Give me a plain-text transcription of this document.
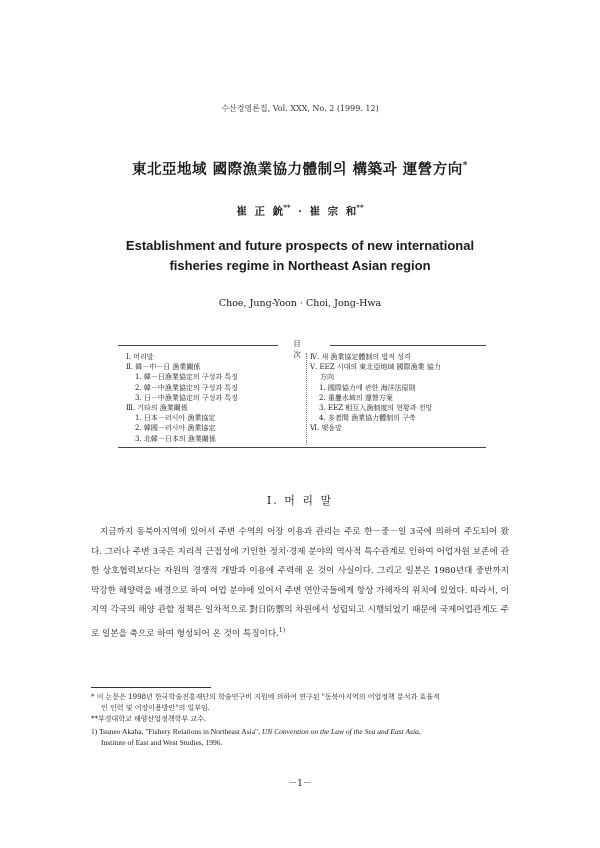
수산경영론집, Vol. XXX, No. 2 (1999. 12)
東北亞地域 國際漁業協力體制의 構築과 運營方向*
崔 正 鈗** · 崔 宗 和**
Establishment and future prospects of new international
fisheries regime in Northeast Asian region
Choe, Jung-Yoon · Choi, Jong-Hwa
目 次
Ⅰ. 머리말
Ⅱ. 韓－中－日 漁業關係
1. 韓－日漁業協定의 구성과 특징
2. 韓－中漁業協定의 구성과 특징
3. 日－中漁業協定의 구성과 특징
Ⅲ. 기타의 漁業關係
1. 日本－러시아 漁業協定
2. 韓國－러시아 漁業協定
3. 北韓－日本의 漁業關係
Ⅳ. 새 漁業協定體制의 법적 성격
Ⅴ. EEZ 시대의 東北亞地域 國際漁業 協力
方向
1. 國際協力에 관한 海洋法原則
2. 重疊水域의 運營方案
3. EEZ 相互入漁制度의 현황과 전망
4. 多者間 漁業協力體制의 구축
Ⅵ. 맺음말
Ⅰ. 머 리 말
지금까지 동북아지역에 있어서 주변 수역의 어장 이용과 관리는 주로 한－중－일 3국에 의하여 주도되어 왔다. 그러나 주변 3국은 지리적 근접성에 기인한 정치·경제 분야의 역사적 특수관계로 인하여 어업자원 보존에 관한 상호협력보다는 자원의 경쟁적 개발과 이용에 주력해 온 것이 사실이다. 그리고 일본은 1980년대 중반까지 막강한 해양력을 배경으로 하여 어업 분야에 있어서 주변 연안국들에게 항상 가해자의 위치에 있었다. 따라서, 이 지역 각국의 해양 관할 정책은 일차적으로 對日防禦의 차원에서 성립되고 시행되었기 때문에 국제어업관계도 주로 일본을 축으로 하여 형성되어 온 것이 특징이다.$^{1)}$
* 이 논문은 1998년 한국학술진흥재단의 학술연구비 지원에 의하여 연구된 "동북아지역의 어업정책 분석과 효율적
인 인력 및 어장이용방안"의 일부임.
**부경대학교 해양산업정책학부 교수.
1) Tsuneo Akaha, "Fishery Relations in Northeast Asia", UN Convention on the Law of the Sea and East Asia,
Institute of East and West Studies, 1996.
－1－
